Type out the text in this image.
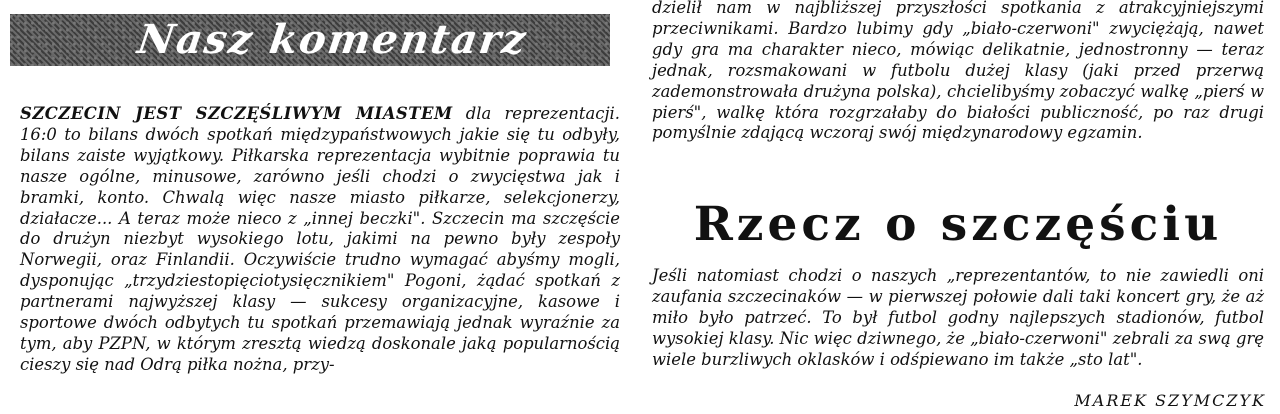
Nasz komentarz
SZCZECIN JEST SZCZĘŚLIWYM MIASTEM dla reprezentacji. 16:0 to bilans dwóch spotkań międzypaństwowych jakie się tu odbyły, bilans zaiste wyjątkowy. Piłkarska reprezentacja wybitnie poprawia tu nasze ogólne, minusowe, zarówno jeśli chodzi o zwycięstwa jak i bramki, konto. Chwalą więc nasze miasto piłkarze, selekcjonerzy, działacze... A teraz może nieco z „innej beczki". Szczecin ma szczęście do drużyn niezbyt wysokiego lotu, jakimi na pewno były zespoły Norwegii, oraz Finlandii. Oczywiście trudno wymagać abyśmy mogli, dysponując „trzydziestopięciotysięcznikiem" Pogoni, żądać spotkań z partnerami najwyższej klasy — sukcesy organizacyjne, kasowe i sportowe dwóch odbytych tu spotkań przemawiają jednak wyraźnie za tym, aby PZPN, w którym zresztą wiedzą doskonale jaką popularnością cieszy się nad Odrą piłka nożna, przy-
dzielił nam w najbliższej przyszłości spotkania z atrakcyjniejszymi przeciwnikami. Bardzo lubimy gdy „biało-czerwoni" zwyciężają, nawet gdy gra ma charakter nieco, mówiąc delikatnie, jednostronny — teraz jednak, rozsmakowani w futbolu dużej klasy (jaki przed przerwą zademonstrowała drużyna polska), chcielibyśmy zobaczyć walkę „pierś w pierś", walkę która rozgrzałaby do białości publiczność, po raz drugi pomyślnie zdającą wczoraj swój międzynarodowy egzamin.
Rzecz o szczęściu
Jeśli natomiast chodzi o naszych „reprezentantów, to nie zawiedli oni zaufania szczecinaków — w pierwszej połowie dali taki koncert gry, że aż miło było patrzeć. To był futbol godny najlepszych stadionów, futbol wysokiej klasy. Nic więc dziwnego, że „biało-czerwoni" zebrali za swą grę wiele burzliwych oklasków i odśpiewano im także „sto lat".
MAREK SZYMCZYK
